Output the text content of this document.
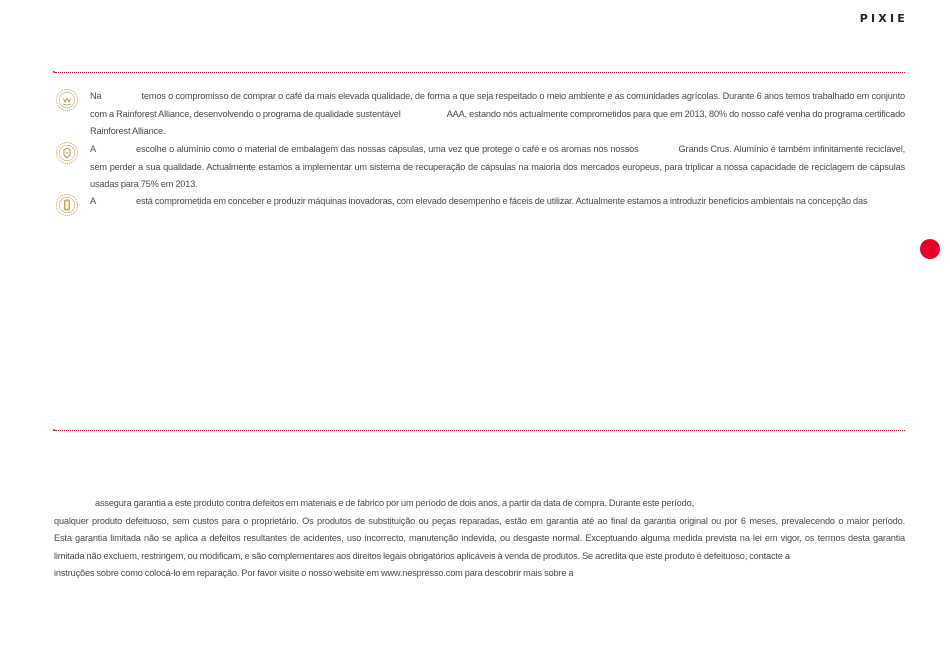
PIXIE
Na	temos o compromisso de comprar o café da mais elevada qualidade, de forma a que seja respeitado o meio ambiente e as comunidades agrícolas. Durante 6 anos temos trabalhado em conjunto com a Rainforest Alliance, desenvolvendo o programa de qualidade sustentável	AAA, estando nós actualmente comprometidos para que em 2013, 80% do nosso café venha do programa certificado Rainforest Alliance.
A	escolhe o alumínio como o material de embalagem das nossas cápsulas, uma vez que protege o café e os aromas nos nossos	Grands Crus. Alumínio é também infinitamente reciclável, sem perder a sua qualidade. Actualmente estamos a implementar um sistema de recuperação de cápsulas na maioria dos mercados europeus, para triplicar a nossa capacidade de reciclagem de cápsulas usadas para 75% em 2013.
A	está comprometida em conceber e produzir máquinas inovadoras, com elevado desempenho e fáceis de utilizar. Actualmente estamos a introduzir benefícios ambientais na concepção das
assegura garantia a este produto contra defeitos em materiais e de fabrico por um período de dois anos, a partir da data de compra. Durante este período,
qualquer produto defeituoso, sem custos para o proprietário. Os produtos de substituição ou peças reparadas, estão em garantia até ao final da garantia original ou por 6 meses, prevalecendo o maior período.
Esta garantia limitada não se aplica a defeitos resultantes de acidentes, uso incorrecto, manutenção indevida, ou desgaste normal. Exceptuando alguma medida prevista na lei em vigor, os termos desta garantia
limitada não excluem, restringem, ou modificam, e são complementares aos direitos legais obrigatórios aplicáveis à venda de produtos. Se acredita que este produto é defeituoso, contacte a
instruções sobre como colocá-lo em reparação. Por favor visite o nosso website em www.nespresso.com para descobrir mais sobre a
